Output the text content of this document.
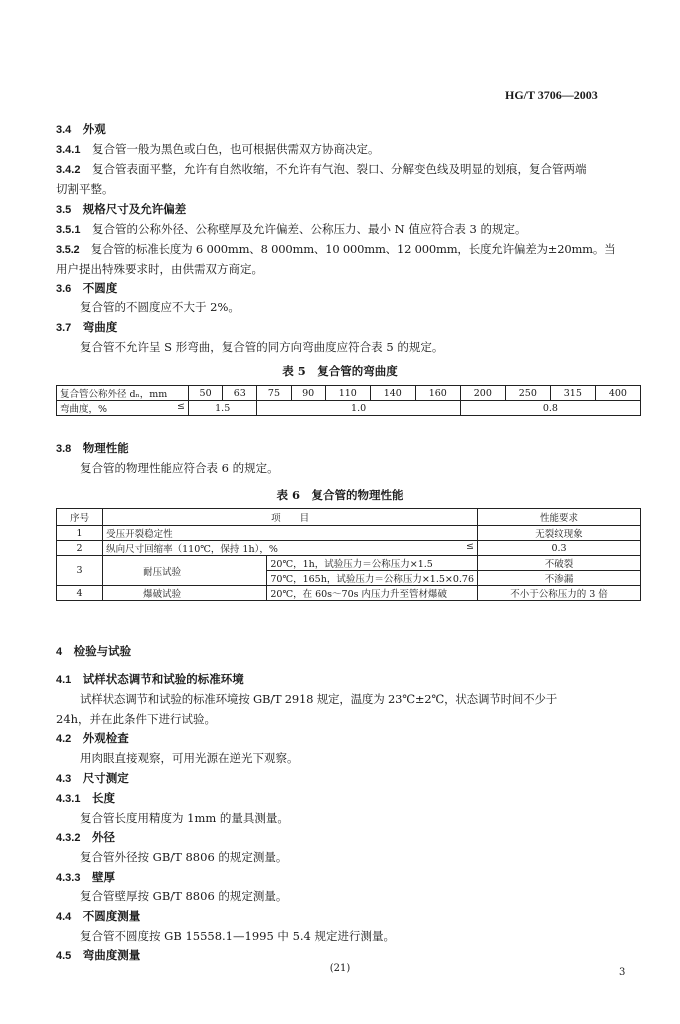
HG/T 3706—2003
3.4　 外观
3.4.1　 复合管一般为黑色或白色，也可根据供需双方协商决定。
3.4.2　 复合管表面平整，允许有自然收缩，不允许有气泡、裂口、分解变色线及明显的划痕，复合管两端
切割平整。
3.5　 规格尺寸及允许偏差
3.5.1　 复合管的公称外径、公称壁厚及允许偏差、公称压力、最小 N 值应符合表 3 的规定。
3.5.2　 复合管的标准长度为 6 000mm、8 000mm、10 000mm、12 000mm，长度允许偏差为±20mm。当
用户提出特殊要求时，由供需双方商定。
3.6　 不圆度
复合管的不圆度应不大于 2%。
3.7　 弯曲度
复合管不允许呈 S 形弯曲，复合管的同方向弯曲度应符合表 5 的规定。
表 5　复合管的弯曲度
复合管公称外径 dₙ，mm	50	63	75	90	110	140	160	200	250	315	400
弯曲度，% ≤	1.5		1.0					0.8			
3.8　 物理性能
复合管的物理性能应符合表 6 的规定。
表 6　复合管的物理性能
序号	项　　目		性能要求
1	受压开裂稳定性		无裂纹现象
2	纵向尺寸回缩率（110℃，保持 1h），% ≤		0.3
3	耐压试验	20℃，1h，试验压力＝公称压力×1.5	不破裂
		70℃，165h，试验压力＝公称压力×1.5×0.76	不渗漏
4	爆破试验	20℃，在 60s～70s 内压力升至管材爆破	不小于公称压力的 3 倍
4　 检验与试验
4.1　 试样状态调节和试验的标准环境
试样状态调节和试验的标准环境按 GB/T 2918 规定，温度为 23℃±2℃，状态调节时间不少于
24h，并在此条件下进行试验。
4.2　 外观检查
用肉眼直接观察，可用光源在逆光下观察。
4.3　 尺寸测定
4.3.1　 长度
复合管长度用精度为 1mm 的量具测量。
4.3.2　 外径
复合管外径按 GB/T 8806 的规定测量。
4.3.3　 壁厚
复合管壁厚按 GB/T 8806 的规定测量。
4.4　 不圆度测量
复合管不圆度按 GB 15558.1—1995 中 5.4 规定进行测量。
4.5　 弯曲度测量
(21)	3
